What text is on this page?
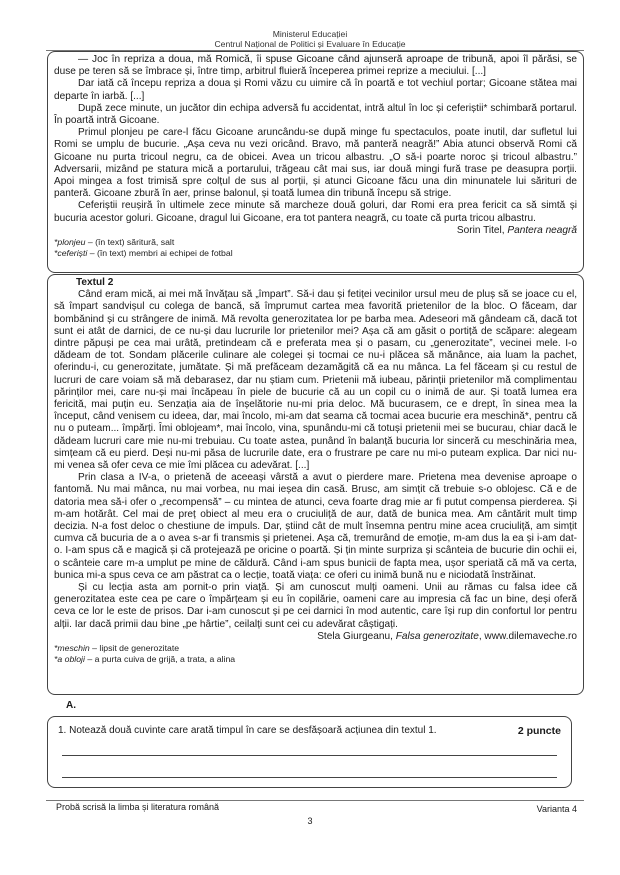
Ministerul Educației
Centrul Național de Politici și Evaluare în Educație

— Joc în repriza a doua, mă Romică, îi spuse Gicoane când ajunseră aproape de tribună, apoi îl părăsi, se duse pe teren să se îmbrace și, între timp, arbitrul fluieră începerea primei reprize a meciului. [...]

Dar iată că începu repriza a doua și Romi văzu cu uimire că în poartă e tot vechiul portar; Gicoane stătea mai departe în iarbă. [...]

După zece minute, un jucător din echipa adversă fu accidentat, intră altul în loc și ceferiștii* schimbară portarul. În poartă intră Gicoane.

Primul plonjeu pe care-l făcu Gicoane aruncându-se după minge fu spectaculos, poate inutil, dar sufletul lui Romi se umplu de bucurie. „Așa ceva nu vezi oricând. Bravo, mă panteră neagră!” Abia atunci observă Romi că Gicoane nu purta tricoul negru, ca de obicei. Avea un tricou albastru. „O să-i poarte noroc și tricoul albastru.” Adversarii, mizând pe statura mică a portarului, trăgeau cât mai sus, iar două mingi fură trase pe deasupra porții. Apoi mingea a fost trimisă spre colțul de sus al porții, și atunci Gicoane făcu una din minunatele lui sărituri de panteră. Gicoane zbură în aer, prinse balonul, și toată lumea din tribună începu să strige.

Ceferiștii reușiră în ultimele zece minute să marcheze două goluri, dar Romi era prea fericit ca să simtă și bucuria acestor goluri. Gicoane, dragul lui Gicoane, era tot pantera neagră, cu toate că purta tricou albastru.

Sorin Titel, Pantera neagră

*plonjeu – (în text) săritură, salt

*ceferiști – (în text) membri ai echipei de fotbal

Textul 2

Când eram mică, ai mei mă învățau să „împart”. Să-i dau și fetiței vecinilor ursul meu de pluș să se joace cu el, să împart sandvișul cu colega de bancă, să împrumut cartea mea favorită prietenilor de la bloc. O făceam, dar bombănind și cu strângere de inimă. Mă revolta generozitatea lor pe barba mea. Adeseori mă gândeam că, dacă tot sunt ei atât de darnici, de ce nu-și dau lucrurile lor prietenilor mei? Așa că am găsit o portiță de scăpare: alegeam dintre păpuși pe cea mai urâtă, pretindeam că e preferata mea și o pasam, cu „generozitate”, vecinei mele. I-o dădeam de tot. Sondam plăcerile culinare ale colegei și tocmai ce nu-i plăcea să mănânce, aia luam la pachet, oferindu-i, cu generozitate, jumătate. Și mă prefăceam dezamăgită că ea nu mânca. La fel făceam și cu restul de lucruri de care voiam să mă debarasez, dar nu știam cum. Prietenii mă iubeau, părinții prietenilor mă complimentau părinților mei, care nu-și mai încăpeau în piele de bucurie că au un copil cu o inimă de aur. Și toată lumea era fericită, mai puțin eu. Senzația aia de înșelătorie nu-mi pria deloc. Mă bucurasem, ce e drept, în sinea mea la început, când venisem cu ideea, dar, mai încolo, mi-am dat seama că tocmai acea bucurie era meschină*, pentru că nu o puteam... împărți. Îmi oblojeam*, mai încolo, vina, spunându-mi că totuși prietenii mei se bucurau, chiar dacă le dădeam lucruri care mie nu-mi trebuiau. Cu toate astea, punând în balanță bucuria lor sinceră cu meschinăria mea, simțeam că eu pierd. Deși nu-mi păsa de lucrurile date, era o frustrare pe care nu mi-o puteam explica. Dar nici nu-mi venea să ofer ceva ce mie îmi plăcea cu adevărat. [...]

Prin clasa a IV-a, o prietenă de aceeași vârstă a avut o pierdere mare. Prietena mea devenise aproape o fantomă. Nu mai mânca, nu mai vorbea, nu mai ieșea din casă. Brusc, am simțit că trebuie s-o oblojesc. Că e de datoria mea să-i ofer o „recompensă” – cu mintea de atunci, ceva foarte drag mie ar fi putut compensa pierderea. Și m-am hotărât. Cel mai de preț obiect al meu era o cruciuliță de aur, dată de bunica mea. Am cântărit mult timp decizia. N-a fost deloc o chestiune de impuls. Dar, știind cât de mult însemna pentru mine acea cruciuliță, am simțit cumva că bucuria de a o avea s-ar fi transmis și prietenei. Așa că, tremurând de emoție, m-am dus la ea și i-am dat-o. I-am spus că e magică și că protejează pe oricine o poartă. Și țin minte surpriza și scânteia de bucurie din ochii ei, o scânteie care m-a umplut pe mine de căldură. Când i-am spus bunicii de fapta mea, ușor speriată că mă va certa, bunica mi-a spus ceva ce am păstrat ca o lecție, toată viața: ce oferi cu inimă bună nu e niciodată înstrăinat.

Și cu lecția asta am pornit-o prin viață. Și am cunoscut mulți oameni. Unii au rămas cu falsa idee că generozitatea este cea pe care o împărțeam și eu în copilărie, oameni care au impresia că fac un bine, deși oferă ceva ce lor le este de prisos. Dar i-am cunoscut și pe cei darnici în mod autentic, care își rup din confortul lor pentru alții. Iar dacă primii dau bine „pe hârtie”, ceilalți sunt cei cu adevărat câștigați.

Stela Giurgeanu, Falsa generozitate, www.dilemaveche.ro

*meschin – lipsit de generozitate

*a obloji – a purta cuiva de grijă, a trata, a alina

A.
1. Notează două cuvinte care arată timpul în care se desfășoară acțiunea din textul 1.	2 puncte
Probă scrisă la limba și literatura română	Varianta 4
3
